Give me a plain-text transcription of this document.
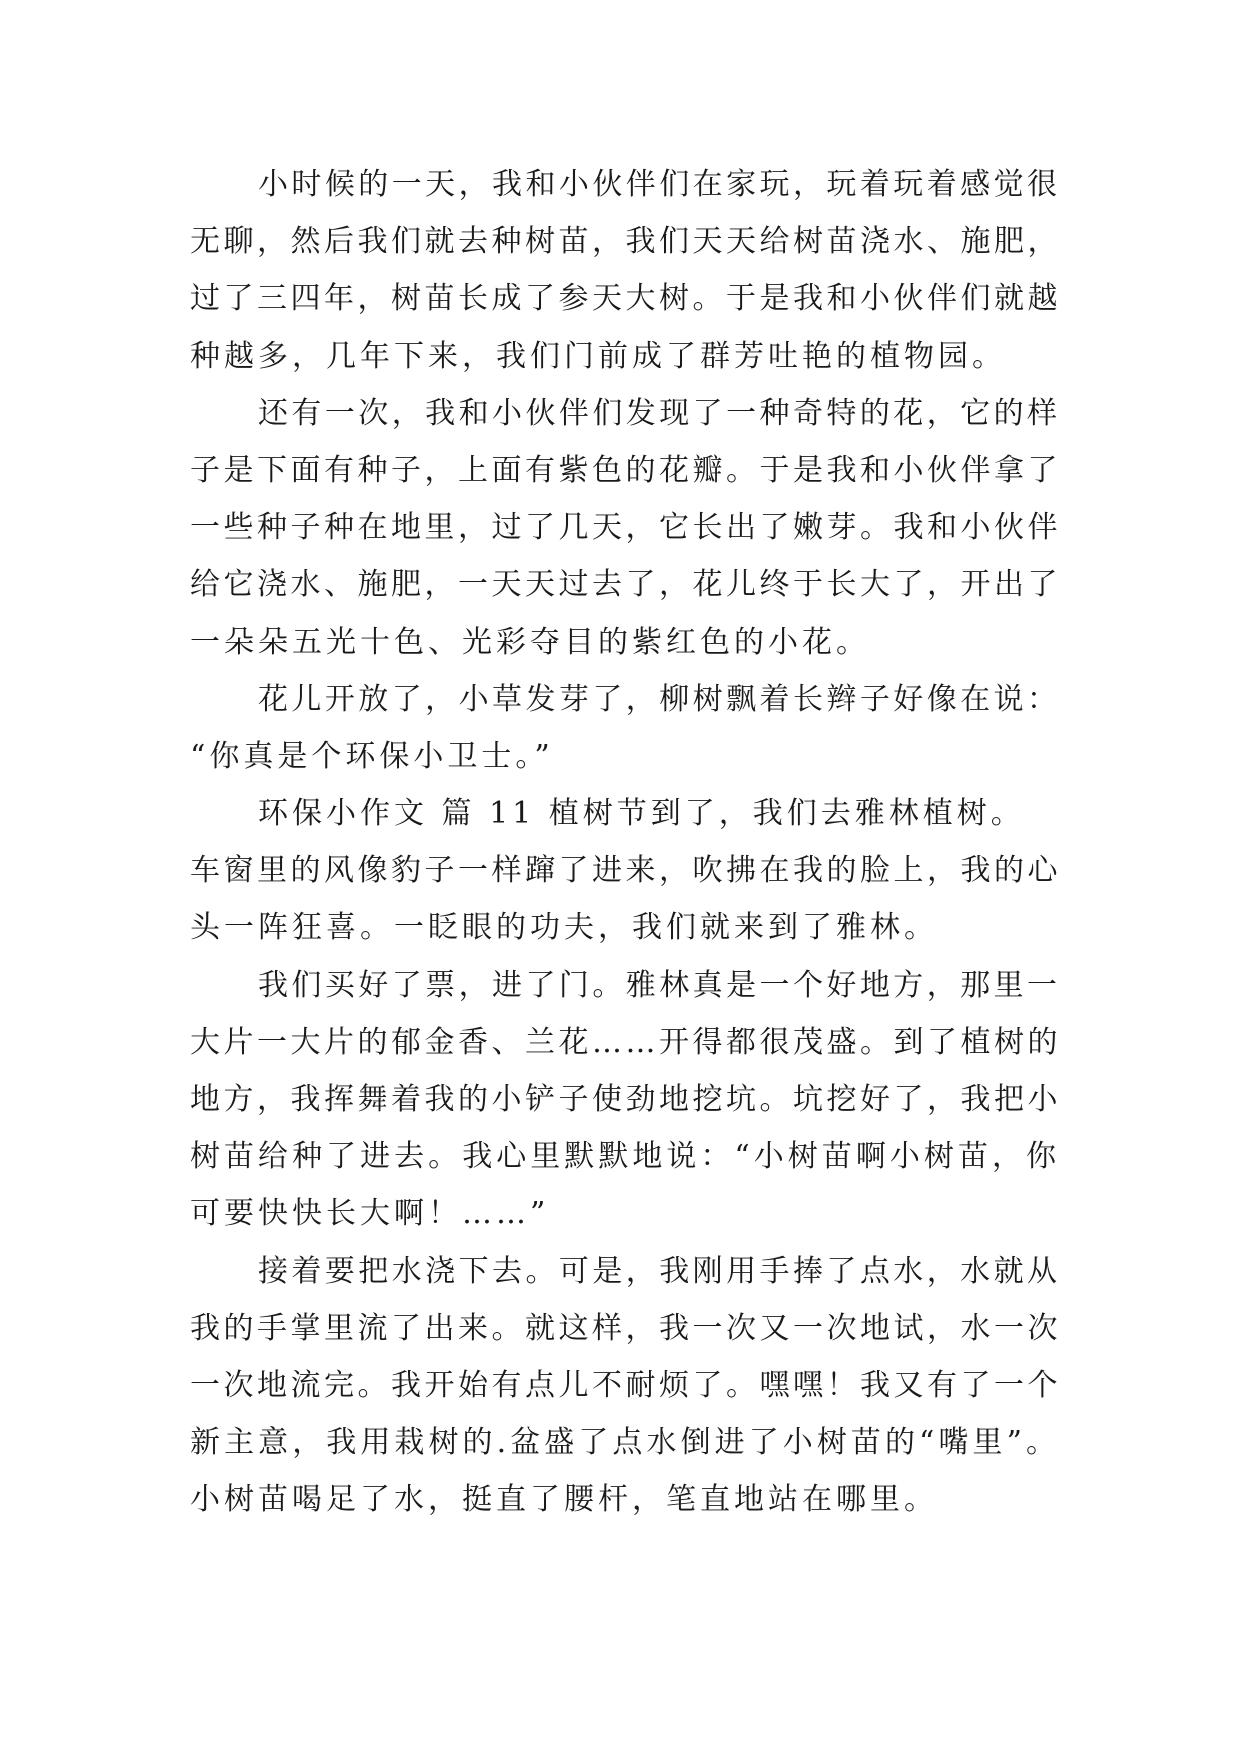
小时候的一天，我和小伙伴们在家玩，玩着玩着感觉很
无聊，然后我们就去种树苗，我们天天给树苗浇水、施肥，
过了三四年，树苗长成了参天大树。于是我和小伙伴们就越
种越多，几年下来，我们门前成了群芳吐艳的植物园。
还有一次，我和小伙伴们发现了一种奇特的花，它的样
子是下面有种子，上面有紫色的花瓣。于是我和小伙伴拿了
一些种子种在地里，过了几天，它长出了嫩芽。我和小伙伴
给它浇水、施肥，一天天过去了，花儿终于长大了，开出了
一朵朵五光十色、光彩夺目的紫红色的小花。
花儿开放了，小草发芽了，柳树飘着长辫子好像在说：
“你真是个环保小卫士。”
环保小作文 篇 11 植树节到了，我们去雅林植树。
车窗里的风像豹子一样蹿了进来，吹拂在我的脸上，我的心
头一阵狂喜。一眨眼的功夫，我们就来到了雅林。
我们买好了票，进了门。雅林真是一个好地方，那里一
大片一大片的郁金香、兰花……开得都很茂盛。到了植树的
地方，我挥舞着我的小铲子使劲地挖坑。坑挖好了，我把小
树苗给种了进去。我心里默默地说：“小树苗啊小树苗，你
可要快快长大啊！……”
接着要把水浇下去。可是，我刚用手捧了点水，水就从
我的手掌里流了出来。就这样，我一次又一次地试，水一次
一次地流完。我开始有点儿不耐烦了。嘿嘿！我又有了一个
新主意，我用栽树的.盆盛了点水倒进了小树苗的“嘴里”。
小树苗喝足了水，挺直了腰杆，笔直地站在哪里。
